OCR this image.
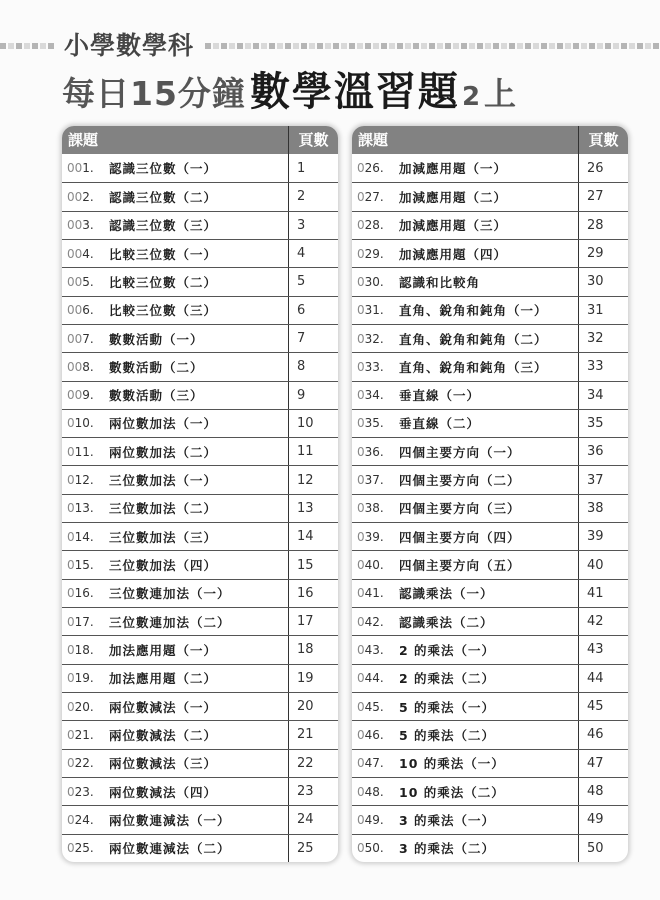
小學數學科
每日15分鐘 數學溫習題2 上
課題	頁數
001.	認識三位數（一）	1
002.	認識三位數（二）	2
003.	認識三位數（三）	3
004.	比較三位數（一）	4
005.	比較三位數（二）	5
006.	比較三位數（三）	6
007.	數數活動（一）	7
008.	數數活動（二）	8
009.	數數活動（三）	9
010.	兩位數加法（一）	10
011.	兩位數加法（二）	11
012.	三位數加法（一）	12
013.	三位數加法（二）	13
014.	三位數加法（三）	14
015.	三位數加法（四）	15
016.	三位數連加法（一）	16
017.	三位數連加法（二）	17
018.	加法應用題（一）	18
019.	加法應用題（二）	19
020.	兩位數減法（一）	20
021.	兩位數減法（二）	21
022.	兩位數減法（三）	22
023.	兩位數減法（四）	23
024.	兩位數連減法（一）	24
025.	兩位數連減法（二）	25
課題	頁數
026.	加減應用題（一）	26
027.	加減應用題（二）	27
028.	加減應用題（三）	28
029.	加減應用題（四）	29
030.	認識和比較角	30
031.	直角、銳角和鈍角（一）	31
032.	直角、銳角和鈍角（二）	32
033.	直角、銳角和鈍角（三）	33
034.	垂直線（一）	34
035.	垂直線（二）	35
036.	四個主要方向（一）	36
037.	四個主要方向（二）	37
038.	四個主要方向（三）	38
039.	四個主要方向（四）	39
040.	四個主要方向（五）	40
041.	認識乘法（一）	41
042.	認識乘法（二）	42
043.	2 的乘法（一）	43
044.	2 的乘法（二）	44
045.	5 的乘法（一）	45
046.	5 的乘法（二）	46
047.	10 的乘法（一）	47
048.	10 的乘法（二）	48
049.	3 的乘法（一）	49
050.	3 的乘法（二）	50
